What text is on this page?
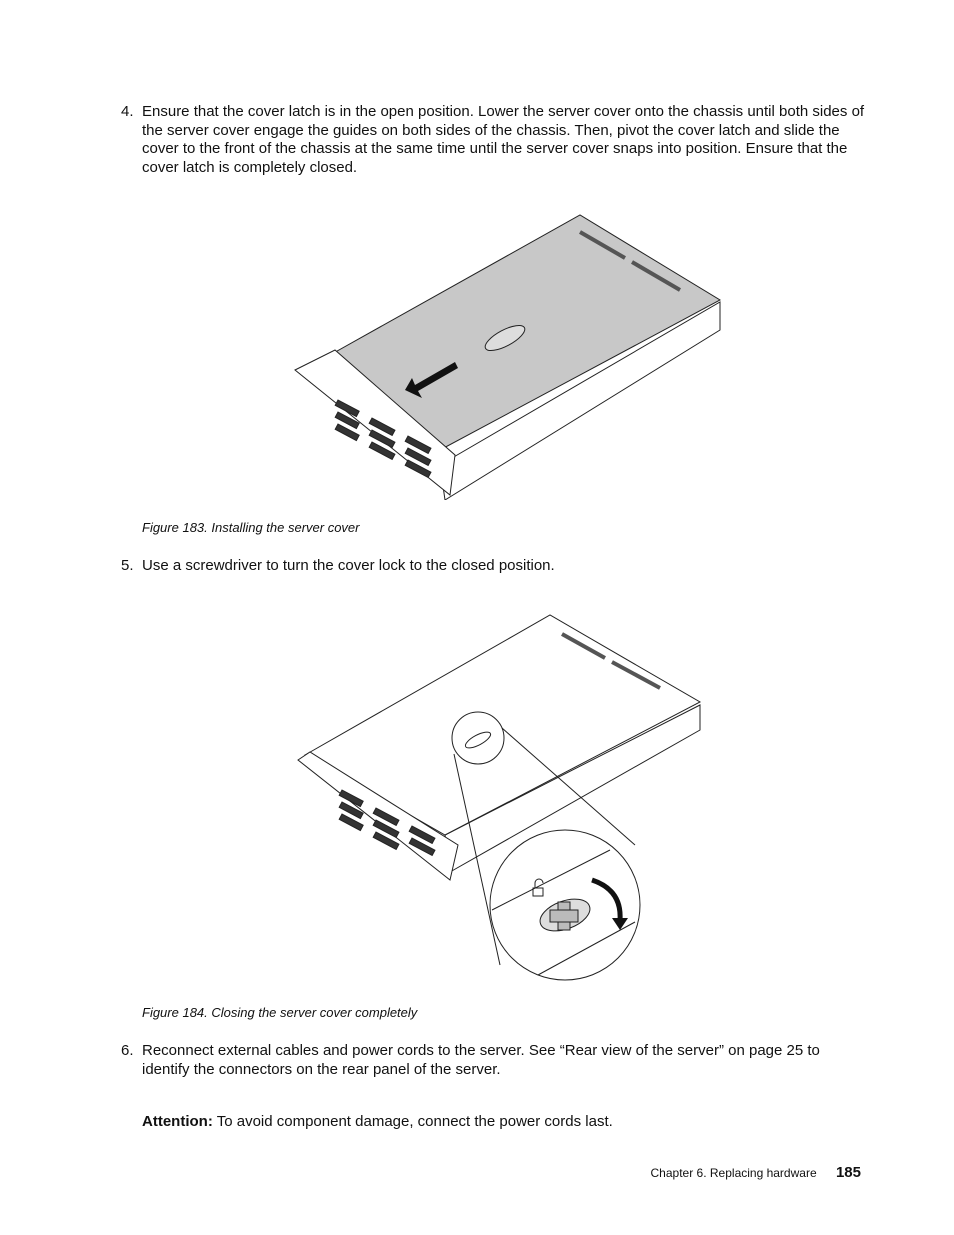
4. Ensure that the cover latch is in the open position. Lower the server cover onto the chassis until both sides of the server cover engage the guides on both sides of the chassis. Then, pivot the cover latch and slide the cover to the front of the chassis at the same time until the server cover snaps into position. Ensure that the cover latch is completely closed.
Figure 183. Installing the server cover
5. Use a screwdriver to turn the cover lock to the closed position.
Figure 184. Closing the server cover completely
6. Reconnect external cables and power cords to the server. See “Rear view of the server” on page 25 to identify the connectors on the rear panel of the server.
Attention: To avoid component damage, connect the power cords last.
Chapter 6. Replacing hardware 185
